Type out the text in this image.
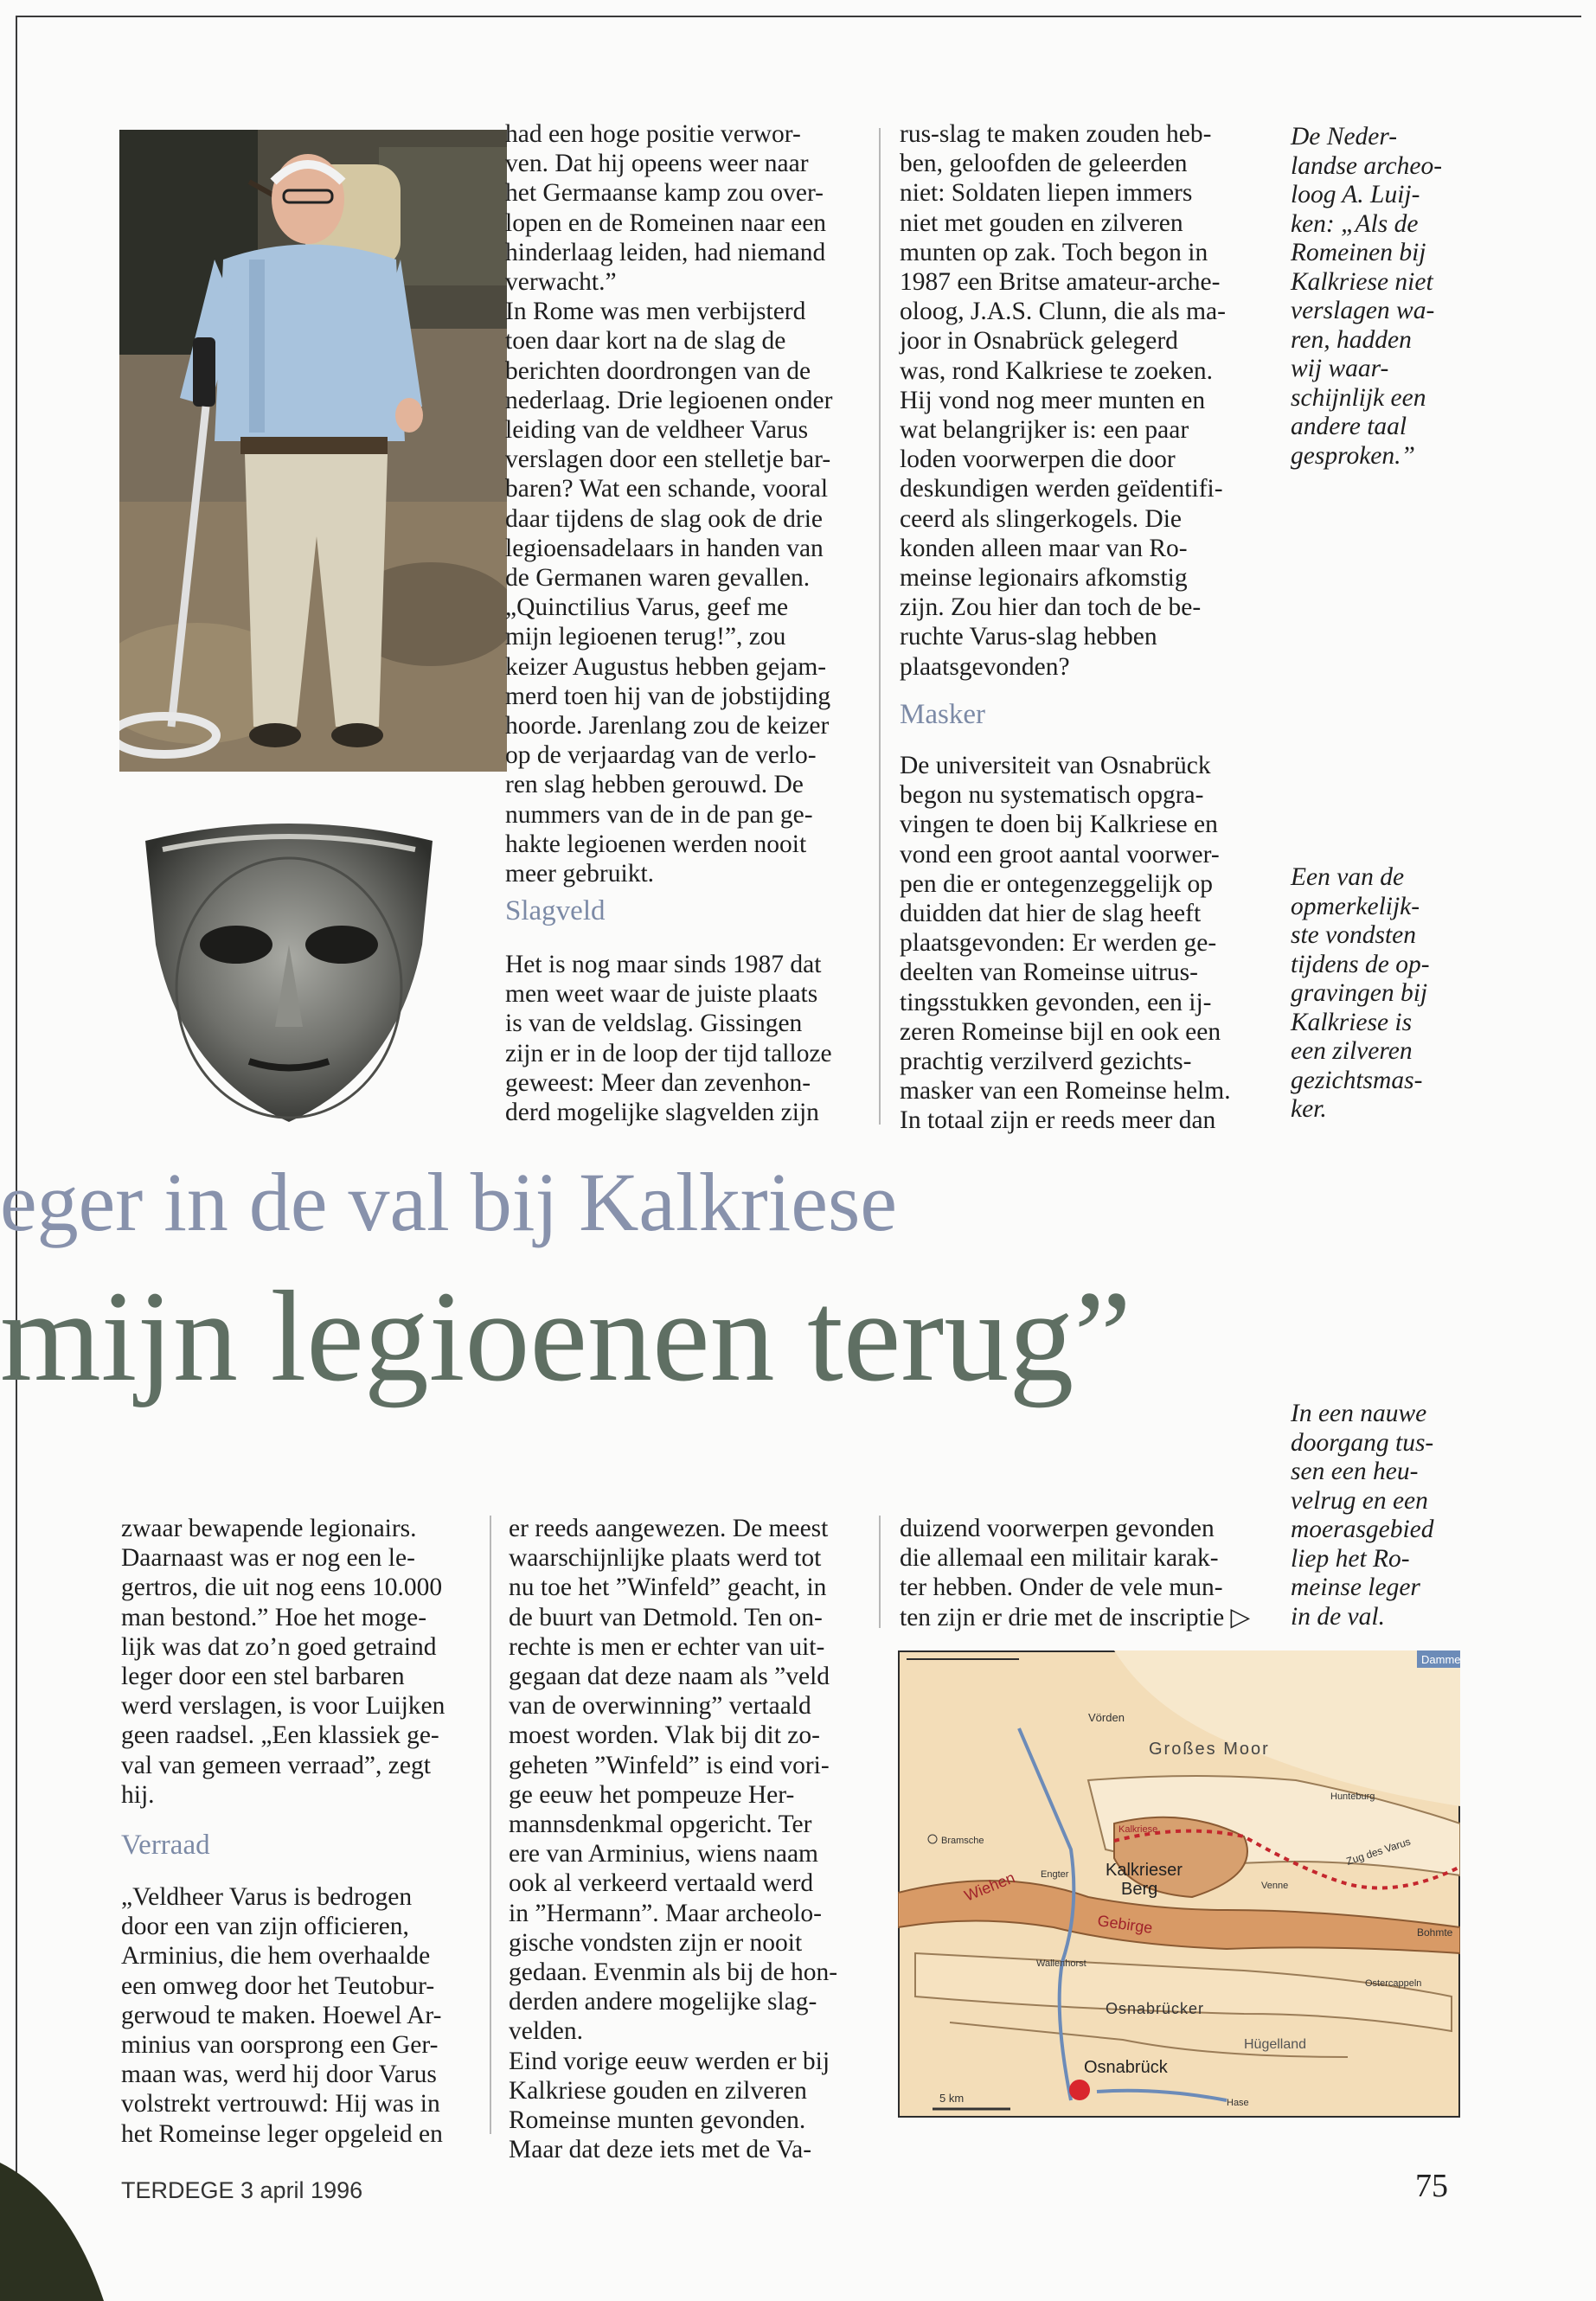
had een hoge positie verwor-
ven. Dat hij opeens weer naar
het Germaanse kamp zou over-
lopen en de Romeinen naar een
hinderlaag leiden, had niemand
verwacht.”
In Rome was men verbijsterd
toen daar kort na de slag de
berichten doordrongen van de
nederlaag. Drie legioenen onder
leiding van de veldheer Varus
verslagen door een stelletje bar-
baren? Wat een schande, vooral
daar tijdens de slag ook de drie
legioensadelaars in handen van
de Germanen waren gevallen.
„Quinctilius Varus, geef me
mijn legioenen terug!”, zou
keizer Augustus hebben gejam-
merd toen hij van de jobstijding
hoorde. Jarenlang zou de keizer
op de verjaardag van de verlo-
ren slag hebben gerouwd. De
nummers van de in de pan ge-
hakte legioenen werden nooit
meer gebruikt.
Slagveld
Het is nog maar sinds 1987 dat
men weet waar de juiste plaats
is van de veldslag. Gissingen
zijn er in de loop der tijd talloze
geweest: Meer dan zevenhon-
derd mogelijke slagvelden zijn
rus-slag te maken zouden heb-
ben, geloofden de geleerden
niet: Soldaten liepen immers
niet met gouden en zilveren
munten op zak. Toch begon in
1987 een Britse amateur-arche-
oloog, J.A.S. Clunn, die als ma-
joor in Osnabrück gelegerd
was, rond Kalkriese te zoeken.
Hij vond nog meer munten en
wat belangrijker is: een paar
loden voorwerpen die door
deskundigen werden geïdentifi-
ceerd als slingerkogels. Die
konden alleen maar van Ro-
meinse legionairs afkomstig
zijn. Zou hier dan toch de be-
ruchte Varus-slag hebben
plaatsgevonden?
Masker
De universiteit van Osnabrück
begon nu systematisch opgra-
vingen te doen bij Kalkriese en
vond een groot aantal voorwer-
pen die er ontegenzeggelijk op
duidden dat hier de slag heeft
plaatsgevonden: Er werden ge-
deelten van Romeinse uitrus-
tingsstukken gevonden, een ij-
zeren Romeinse bijl en ook een
prachtig verzilverd gezichts-
masker van een Romeinse helm.
In totaal zijn er reeds meer dan
De Neder-
landse archeo-
loog A. Luij-
ken: „Als de
Romeinen bij
Kalkriese niet
verslagen wa-
ren, hadden
wij waar-
schijnlijk een
andere taal
gesproken.”
Een van de
opmerkelijk-
ste vondsten
tijdens de op-
gravingen bij
Kalkriese is
een zilveren
gezichtsmas-
ker.
In een nauwe
doorgang tus-
sen een heu-
velrug en een
moerasgebied
liep het Ro-
meinse leger
in de val.
eger in de val bij Kalkriese
mijn legioenen terug”
zwaar bewapende legionairs.
Daarnaast was er nog een le-
gertros, die uit nog eens 10.000
man bestond.” Hoe het moge-
lijk was dat zo’n goed getraind
leger door een stel barbaren
werd verslagen, is voor Luijken
geen raadsel. „Een klassiek ge-
val van gemeen verraad”, zegt
hij.
Verraad
„Veldheer Varus is bedrogen
door een van zijn officieren,
Arminius, die hem overhaalde
een omweg door het Teutobur-
gerwoud te maken. Hoewel Ar-
minius van oorsprong een Ger-
maan was, werd hij door Varus
volstrekt vertrouwd: Hij was in
het Romeinse leger opgeleid en
er reeds aangewezen. De meest
waarschijnlijke plaats werd tot
nu toe het ”Winfeld” geacht, in
de buurt van Detmold. Ten on-
rechte is men er echter van uit-
gegaan dat deze naam als ”veld
van de overwinning” vertaald
moest worden. Vlak bij dit zo-
geheten ”Winfeld” is eind vori-
ge eeuw het pompeuze Her-
mannsdenkmal opgericht. Ter
ere van Arminius, wiens naam
ook al verkeerd vertaald werd
in ”Hermann”. Maar archeolo-
gische vondsten zijn er nooit
gedaan. Evenmin als bij de hon-
derden andere mogelijke slag-
velden.
Eind vorige eeuw werden er bij
Kalkriese gouden en zilveren
Romeinse munten gevonden.
Maar dat deze iets met de Va-
duizend voorwerpen gevonden
die allemaal een militair karak-
ter hebben. Onder de vele mun-
ten zijn er drie met de inscriptie ▷
Damme
Vörden
Großes Moor
Hunteburg
Bramsche
Kalkriese
Engter Kalkrieser Berg	Venne
Zug des Varus
Wiehen
Gebirge	Bohmte
Wallenhorst
Ostercappeln
Osnabrücker
Hügelland
Osnabrück
Hase
5 km
TERDEGE 3 april 1996	75
